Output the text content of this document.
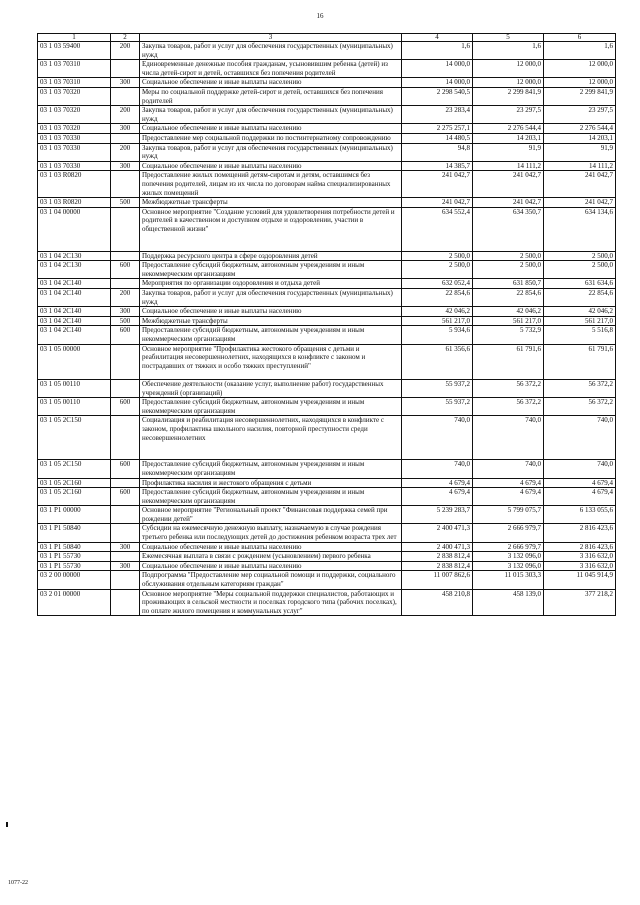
16
1	2	3	4	5	6
03 1 03 59400	200	Закупка товаров, работ и услуг для обеспечения государственных (муниципальных) нужд	1,6	1,6	1,6
03 1 03 70310		Единовременные денежные пособия гражданам, усыновившим ребенка (детей) из числа детей-сирот и детей, оставшихся без попечения родителей	14 000,0	12 000,0	12 000,0
03 1 03 70310	300	Социальное обеспечение и иные выплаты населению	14 000,0	12 000,0	12 000,0
03 1 03 70320		Меры по социальной поддержке детей-сирот и детей, оставшихся без попечения родителей	2 298 540,5	2 299 841,9	2 299 841,9
03 1 03 70320	200	Закупка товаров, работ и услуг для обеспечения государственных (муниципальных) нужд	23 283,4	23 297,5	23 297,5
03 1 03 70320	300	Социальное обеспечение и иные выплаты населению	2 275 257,1	2 276 544,4	2 276 544,4
03 1 03 70330		Предоставление мер социальной поддержки по постинтернатному сопровождению	14 480,5	14 203,1	14 203,1
03 1 03 70330	200	Закупка товаров, работ и услуг для обеспечения государственных (муниципальных) нужд	94,8	91,9	91,9
03 1 03 70330	300	Социальное обеспечение и иные выплаты населению	14 385,7	14 111,2	14 111,2
03 1 03 R0820		Предоставление жилых помещений детям-сиротам и детям, оставшимся без попечения родителей, лицам из их числа по договорам найма специализированных жилых помещений	241 042,7	241 042,7	241 042,7
03 1 03 R0820	500	Межбюджетные трансферты	241 042,7	241 042,7	241 042,7
03 1 04 00000		Основное мероприятие "Создание условий для удовлетворения потребности детей и родителей в качественном и доступном отдыхе и оздоровлении, участии в общественной жизни"	634 552,4	634 350,7	634 134,6
03 1 04 2C130		Поддержка ресурсного центра в сфере оздоровления детей	2 500,0	2 500,0	2 500,0
03 1 04 2C130	600	Предоставление субсидий бюджетным, автономным учреждениям и иным некоммерческим организациям	2 500,0	2 500,0	2 500,0
03 1 04 2C140		Мероприятия по организации оздоровления и отдыха детей	632 052,4	631 850,7	631 634,6
03 1 04 2C140	200	Закупка товаров, работ и услуг для обеспечения государственных (муниципальных) нужд	22 854,6	22 854,6	22 854,6
03 1 04 2C140	300	Социальное обеспечение и иные выплаты населению	42 046,2	42 046,2	42 046,2
03 1 04 2C140	500	Межбюджетные трансферты	561 217,0	561 217,0	561 217,0
03 1 04 2C140	600	Предоставление субсидий бюджетным, автономным учреждениям и иным некоммерческим организациям	5 934,6	5 732,9	5 516,8
03 1 05 00000		Основное мероприятие "Профилактика жестокого обращения с детьми и реабилитация несовершеннолетних, находящихся в конфликте с законом и пострадавших от тяжких и особо тяжких преступлений"	61 356,6	61 791,6	61 791,6
03 1 05 00110		Обеспечение деятельности (оказание услуг, выполнение работ) государственных учреждений (организаций)	55 937,2	56 372,2	56 372,2
03 1 05 00110	600	Предоставление субсидий бюджетным, автономным учреждениям и иным некоммерческим организациям	55 937,2	56 372,2	56 372,2
03 1 05 2C150		Социализация и реабилитация несовершеннолетних, находящихся в конфликте с законом, профилактика школьного насилия, повторной преступности среди несовершеннолетних	740,0	740,0	740,0
03 1 05 2C150	600	Предоставление субсидий бюджетным, автономным учреждениям и иным некоммерческим организациям	740,0	740,0	740,0
03 1 05 2C160		Профилактика насилия и жестокого обращения с детьми	4 679,4	4 679,4	4 679,4
03 1 05 2C160	600	Предоставление субсидий бюджетным, автономным учреждениям и иным некоммерческим организациям	4 679,4	4 679,4	4 679,4
03 1 P1 00000		Основное мероприятие "Региональный проект "Финансовая поддержка семей при рождении детей"	5 239 283,7	5 799 075,7	6 133 055,6
03 1 P1 50840		Субсидии на ежемесячную денежную выплату, назначаемую в случае рождения третьего ребенка или последующих детей до достижения ребенком возраста трех лет	2 400 471,3	2 666 979,7	2 816 423,6
03 1 P1 50840	300	Социальное обеспечение и иные выплаты населению	2 400 471,3	2 666 979,7	2 816 423,6
03 1 P1 55730		Ежемесячная выплата в связи с рождением (усыновлением) первого ребенка	2 838 812,4	3 132 096,0	3 316 632,0
03 1 P1 55730	300	Социальное обеспечение и иные выплаты населению	2 838 812,4	3 132 096,0	3 316 632,0
03 2 00 00000		Подпрограмма "Предоставление мер социальной помощи и поддержки, социального обслуживания отдельным категориям граждан"	11 007 862,6	11 015 303,3	11 045 914,9
03 2 01 00000		Основное мероприятие "Меры социальной поддержки специалистов, работающих и проживающих в сельской местности и поселках городского типа (рабочих поселках), по оплате жилого помещения и коммунальных услуг"	458 210,8	458 139,0	377 218,2
1077-22
